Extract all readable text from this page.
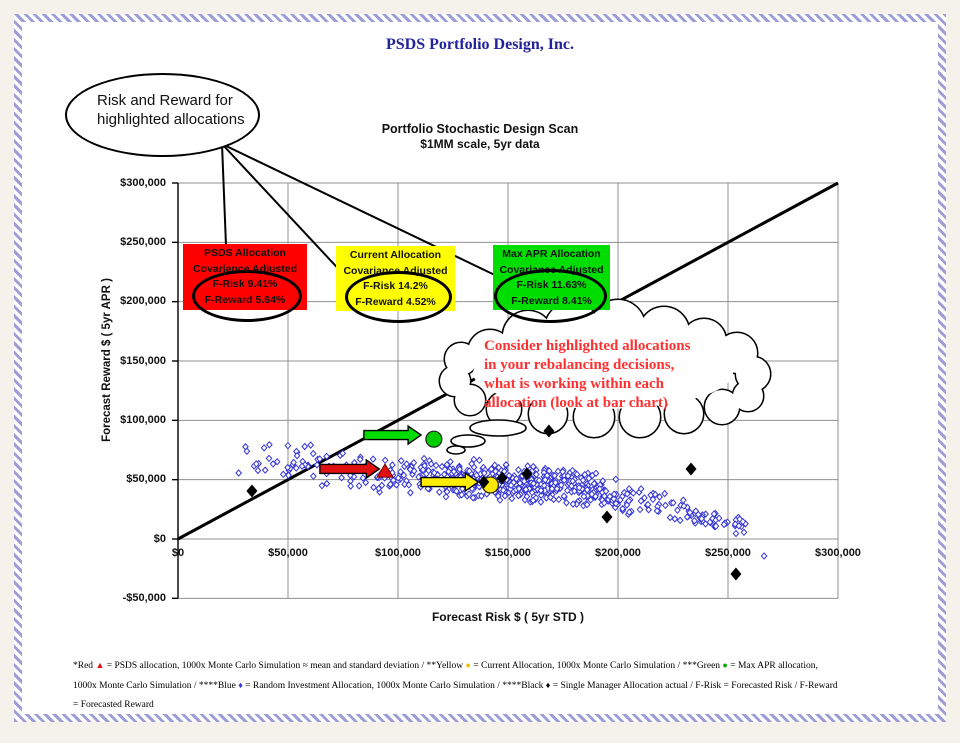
PSDS Portfolio Design, Inc.
Portfolio Stochastic Design Scan
$1MM scale, 5yr data
Risk and Reward for
highlighted allocations
Forecast Reward $ ( 5yr APR )
Forecast Risk $ ( 5yr STD )
PSDS Allocation
Covariance Adjusted
F-Risk 9.41%
F-Reward 5.64%
Current Allocation
Covariance Adjusted
F-Risk 14.2%
F-Reward 4.52%
Max APR Allocation
Covariance Adjusted
F-Risk 11.63%
F-Reward 8.41%
Consider highlighted allocations
in your rebalancing decisions,
what is working within each
allocation (look at bar chart)
*Red ▲ = PSDS allocation, 1000x Monte Carlo Simulation ≈ mean and standard deviation / **Yellow ● = Current Allocation, 1000x Monte Carlo Simulation / ***Green ● = Max APR allocation,
1000x Monte Carlo Simulation / ****Blue ♦ = Random Investment Allocation, 1000x Monte Carlo Simulation / ****Black ♦ = Single Manager Allocation actual / F-Risk = Forecasted Risk / F-Reward
= Forecasted Reward
$0	$50,000	$100,000	$150,000	$200,000	$250,000	$300,000
$300,000
$250,000
$200,000
$150,000
$100,000
$50,000
$0
-$50,000
